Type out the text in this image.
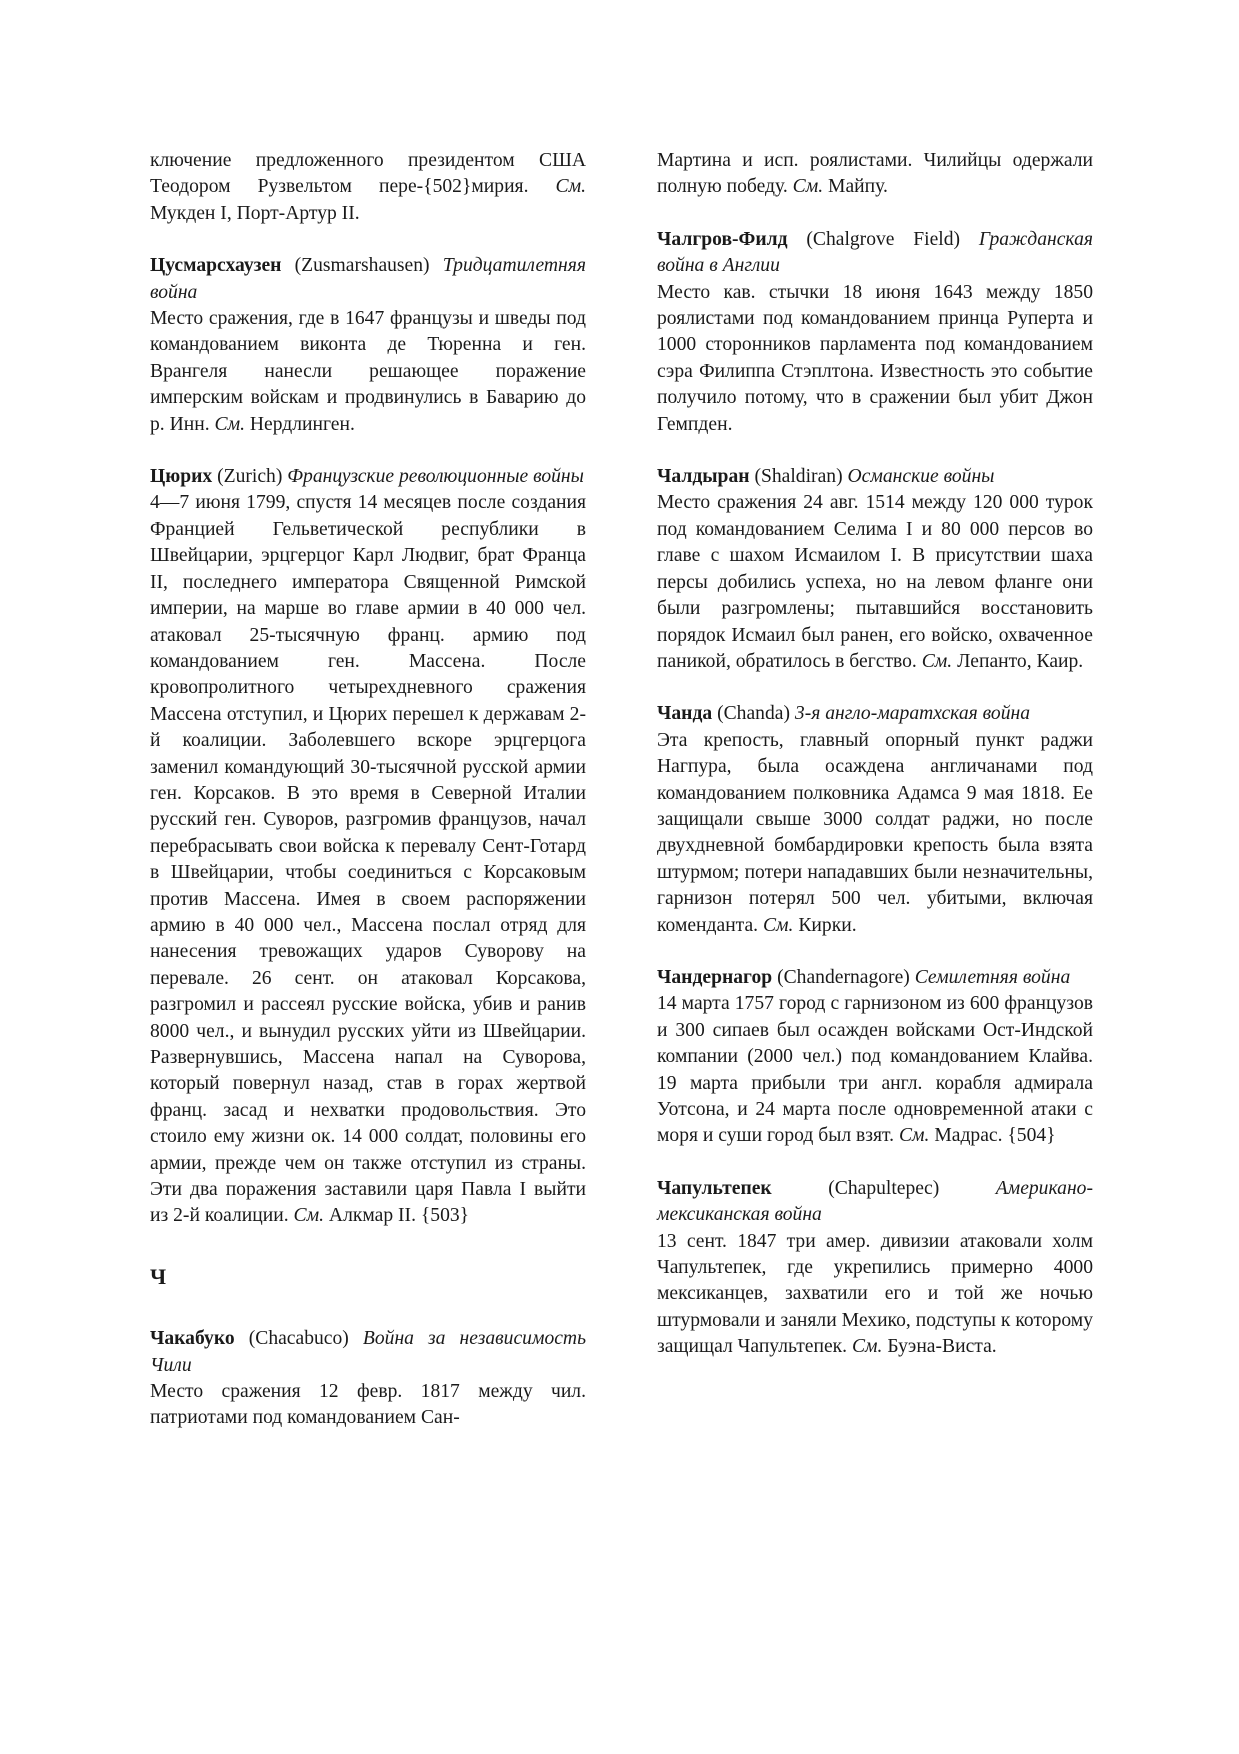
ключение предложенного президентом США Теодором Рузвельтом пере-{502}мирия. См. Мукден I, Порт-Артур II.

Цусмарсхаузен (Zusmarshausen) Тридцатилетняя война

Место сражения, где в 1647 французы и шведы под командованием виконта де Тюренна и ген. Врангеля нанесли решающее поражение имперским войскам и продвинулись в Баварию до р. Инн. См. Нердлинген.

Цюрих (Zurich) Французские революционные войны

4—7 июня 1799, спустя 14 месяцев после создания Францией Гельветической республики в Швейцарии, эрцгерцог Карл Людвиг, брат Франца II, последнего императора Священной Римской империи, на марше во главе армии в 40 000 чел. атаковал 25-тысячную франц. армию под командованием ген. Массена. После кровопролитного четырехдневного сражения Массена отступил, и Цюрих перешел к державам 2-й коалиции. Заболевшего вскоре эрцгерцога заменил командующий 30-тысячной русской армии ген. Корсаков. В это время в Северной Италии русский ген. Суворов, разгромив французов, начал перебрасывать свои войска к перевалу Сент-Готард в Швейцарии, чтобы соединиться с Корсаковым против Массена. Имея в своем распоряжении армию в 40 000 чел., Массена послал отряд для нанесения тревожащих ударов Суворову на перевале. 26 сент. он атаковал Корсакова, разгромил и рассеял русские войска, убив и ранив 8000 чел., и вынудил русских уйти из Швейцарии. Развернувшись, Массена напал на Суворова, который повернул назад, став в горах жертвой франц. засад и нехватки продовольствия. Это стоило ему жизни ок. 14 000 солдат, половины его армии, прежде чем он также отступил из страны. Эти два поражения заставили царя Павла I выйти из 2-й коалиции. См. Алкмар II. {503}

Ч

Чакабуко (Chacabuco) Война за независимость Чили

Место сражения 12 февр. 1817 между чил. патриотами под командованием Сан-

Мартина и исп. роялистами. Чилийцы одержали полную победу. См. Майпу.

Чалгров-Филд (Chalgrove Field) Гражданская война в Англии

Место кав. стычки 18 июня 1643 между 1850 роялистами под командованием принца Руперта и 1000 сторонников парламента под командованием сэра Филиппа Стэплтона. Известность это событие получило потому, что в сражении был убит Джон Гемпден.

Чалдыран (Shaldiran) Османские войны

Место сражения 24 авг. 1514 между 120 000 турок под командованием Селима I и 80 000 персов во главе с шахом Исмаилом I. В присутствии шаха персы добились успеха, но на левом фланге они были разгромлены; пытавшийся восстановить порядок Исмаил был ранен, его войско, охваченное паникой, обратилось в бегство. См. Лепанто, Каир.

Чанда (Chanda) 3-я англо-маратхская война

Эта крепость, главный опорный пункт раджи Нагпура, была осаждена англичанами под командованием полковника Адамса 9 мая 1818. Ее защищали свыше 3000 солдат раджи, но после двухдневной бомбардировки крепость была взята штурмом; потери нападавших были незначительны, гарнизон потерял 500 чел. убитыми, включая коменданта. См. Кирки.

Чандернагор (Chandernagore) Семилетняя война

14 марта 1757 город с гарнизоном из 600 французов и 300 сипаев был осажден войсками Ост-Индской компании (2000 чел.) под командованием Клайва. 19 марта прибыли три англ. корабля адмирала Уотсона, и 24 марта после одновременной атаки с моря и суши город был взят. См. Мадрас. {504}

Чапультепек (Chapultepec) Американо-мексиканская война

13 сент. 1847 три амер. дивизии атаковали холм Чапультепек, где укрепились примерно 4000 мексиканцев, захватили его и той же ночью штурмовали и заняли Мехико, подступы к которому защищал Чапультепек. См. Буэна-Виста.
